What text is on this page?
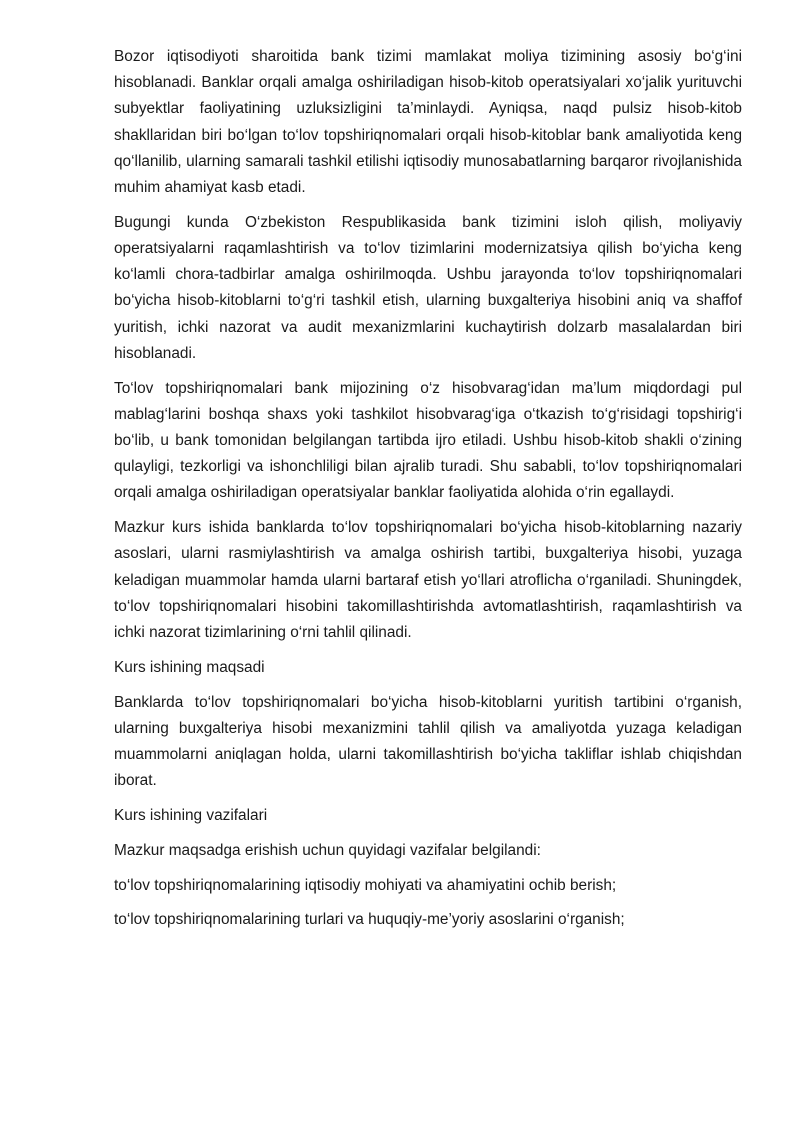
Bozor iqtisodiyoti sharoitida bank tizimi mamlakat moliya tizimining asosiy bo‘g‘ini hisoblanadi. Banklar orqali amalga oshiriladigan hisob-kitob operatsiyalari xo‘jalik yurituvchi subyektlar faoliyatining uzluksizligini ta’minlaydi. Ayniqsa, naqd pulsiz hisob-kitob shakllaridan biri bo‘lgan to‘lov topshiriqnomalari orqali hisob-kitoblar bank amaliyotida keng qo‘llanilib, ularning samarali tashkil etilishi iqtisodiy munosabatlarning barqaror rivojlanishida muhim ahamiyat kasb etadi.

Bugungi kunda O‘zbekiston Respublikasida bank tizimini isloh qilish, moliyaviy operatsiyalarni raqamlashtirish va to‘lov tizimlarini modernizatsiya qilish bo‘yicha keng ko‘lamli chora-tadbirlar amalga oshirilmoqda. Ushbu jarayonda to‘lov topshiriqnomalari bo‘yicha hisob-kitoblarni to‘g‘ri tashkil etish, ularning buxgalteriya hisobini aniq va shaffof yuritish, ichki nazorat va audit mexanizmlarini kuchaytirish dolzarb masalalardan biri hisoblanadi.

To‘lov topshiriqnomalari bank mijozining o‘z hisobvarag‘idan ma’lum miqdordagi pul mablag‘larini boshqa shaxs yoki tashkilot hisobvarag‘iga o‘tkazish to‘g‘risidagi topshirig‘i bo‘lib, u bank tomonidan belgilangan tartibda ijro etiladi. Ushbu hisob-kitob shakli o‘zining qulayligi, tezkorligi va ishonchliligi bilan ajralib turadi. Shu sababli, to‘lov topshiriqnomalari orqali amalga oshiriladigan operatsiyalar banklar faoliyatida alohida o‘rin egallaydi.

Mazkur kurs ishida banklarda to‘lov topshiriqnomalari bo‘yicha hisob-kitoblarning nazariy asoslari, ularni rasmiylashtirish va amalga oshirish tartibi, buxgalteriya hisobi, yuzaga keladigan muammolar hamda ularni bartaraf etish yo‘llari atroflicha o‘rganiladi. Shuningdek, to‘lov topshiriqnomalari hisobini takomillashtirishda avtomatlashtirish, raqamlashtirish va ichki nazorat tizimlarining o‘rni tahlil qilinadi.

Kurs ishining maqsadi

Banklarda to‘lov topshiriqnomalari bo‘yicha hisob-kitoblarni yuritish tartibini o‘rganish, ularning buxgalteriya hisobi mexanizmini tahlil qilish va amaliyotda yuzaga keladigan muammolarni aniqlagan holda, ularni takomillashtirish bo‘yicha takliflar ishlab chiqishdan iborat.

Kurs ishining vazifalari

Mazkur maqsadga erishish uchun quyidagi vazifalar belgilandi:

to‘lov topshiriqnomalarining iqtisodiy mohiyati va ahamiyatini ochib berish;

to‘lov topshiriqnomalarining turlari va huquqiy-me’yoriy asoslarini o‘rganish;
